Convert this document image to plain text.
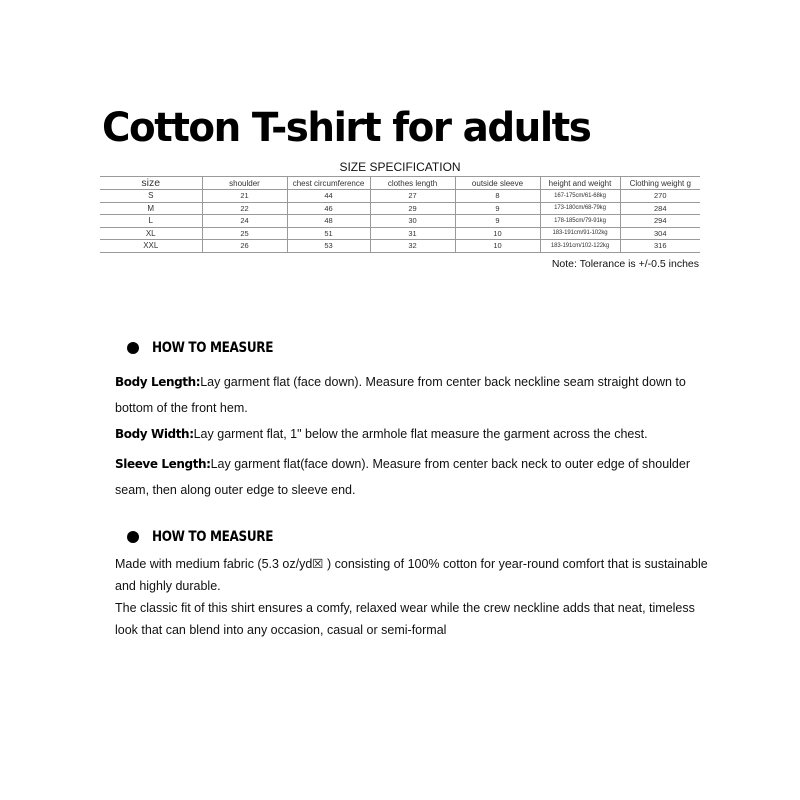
Cotton T-shirt for adults
SIZE SPECIFICATION
size	shoulder	chest circumference	clothes length	outside sleeve	height and weight	Clothing weight g
S	21	44	27	8	167-175cm/61-68kg	270
M	22	46	29	9	173-180cm/68-79kg	284
L	24	48	30	9	178-185cm/79-91kg	294
XL	25	51	31	10	183-191cm/91-102kg	304
XXL	26	53	32	10	183-191cm/102-122kg	316
Note: Tolerance is +/-0.5 inches
HOW TO MEASURE
Body Length:Lay garment flat (face down). Measure from center back neckline seam straight down to bottom of the front hem.
Body Width:Lay garment flat, 1" below the armhole flat measure the garment across the chest.
Sleeve Length:Lay garment flat(face down). Measure from center back neck to outer edge of shoulder seam, then along outer edge to sleeve end.
HOW TO MEASURE
Made with medium fabric (5.3 oz/yd☒ ) consisting of 100% cotton for year-round comfort that is sustainable and highly durable.
The classic fit of this shirt ensures a comfy, relaxed wear while the crew neckline adds that neat, timeless look that can blend into any occasion, casual or semi-formal
